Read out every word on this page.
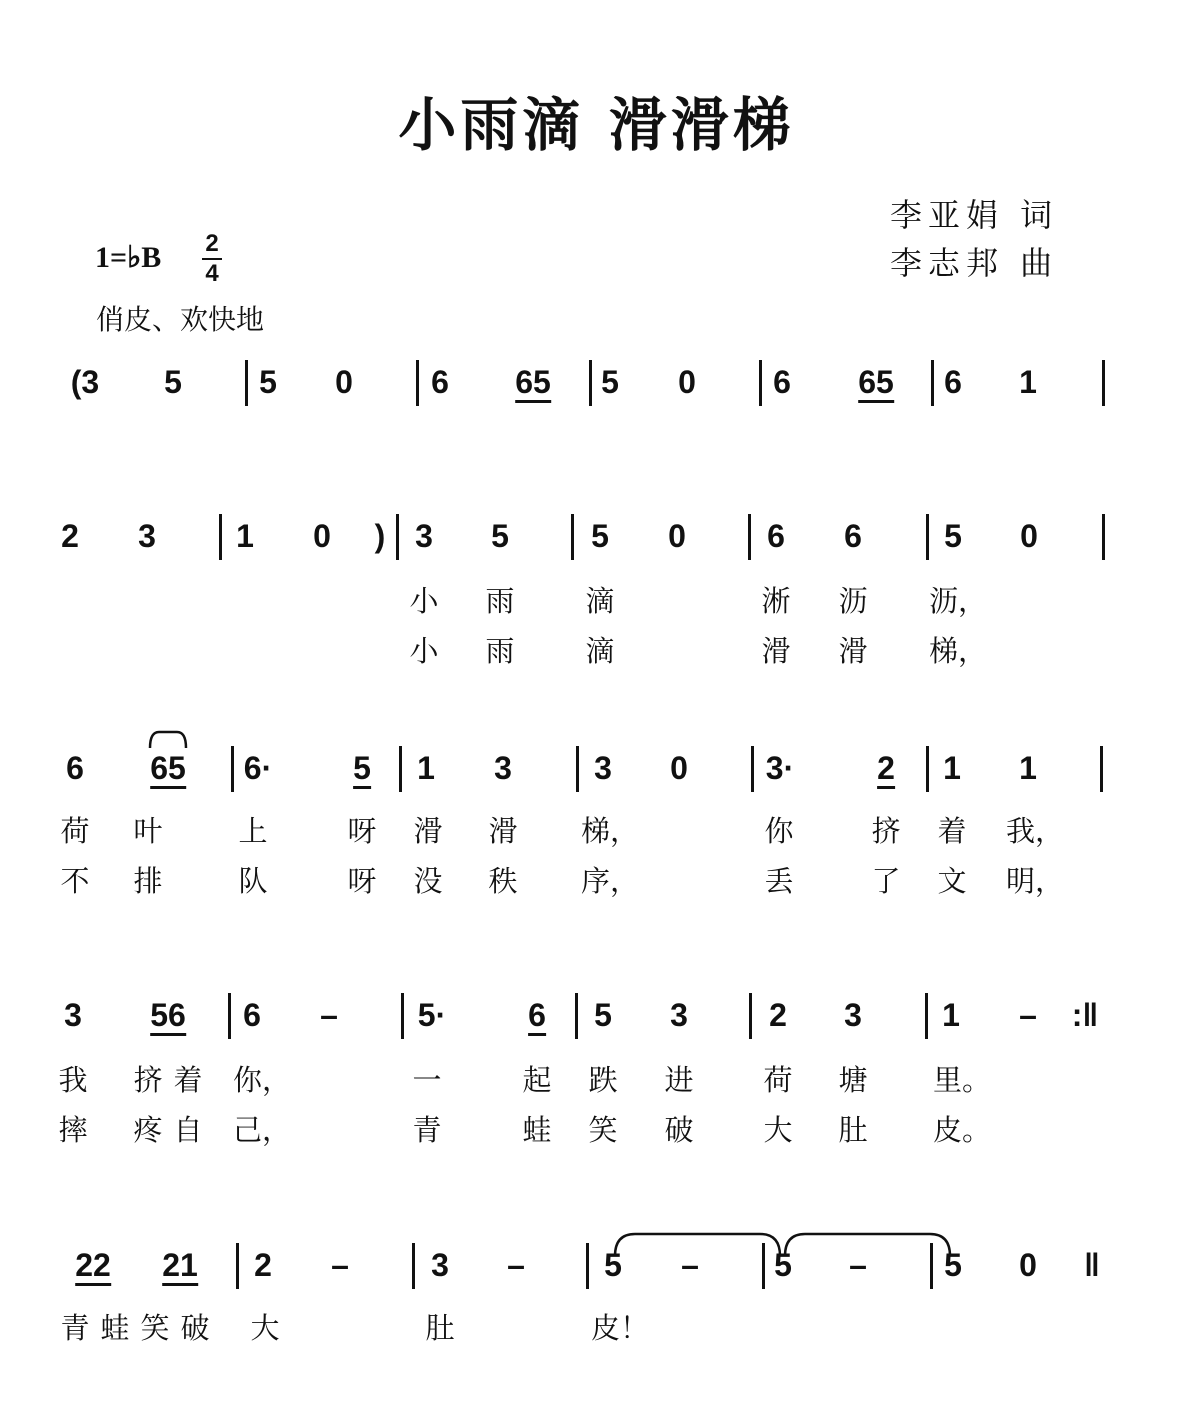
小雨滴 滑滑梯
李亚娟 词
李志邦 曲
1=♭B 2
4
俏皮、欢快地
(3 5 5 0 6 65 5 0 6 65 6 1
2 3	1 0 ) 3 5	5 0	6 6	5 0
小 雨 滴	淅 沥 沥，
小 雨 滴	滑 滑 梯，
6 65 6·	5 1 3	3 0 3·	2 1 1
荷 叶	上	呀 滑 滑 梯，	你	挤 着 我，
不 排	队	呀 没 秩 序，	丢	了 文 明，
3 56 6 – 5·	6 5 3	2 3	1 – :‖
我 挤 着 你，	一	起 跌 进 荷 塘 里。
摔 疼 自 己，	青	蛙 笑 破 大 肚 皮。
22 21 2 –	3 – 5 – 5 – 5 0 ‖
青 蛙 笑 破 大	肚	皮！
